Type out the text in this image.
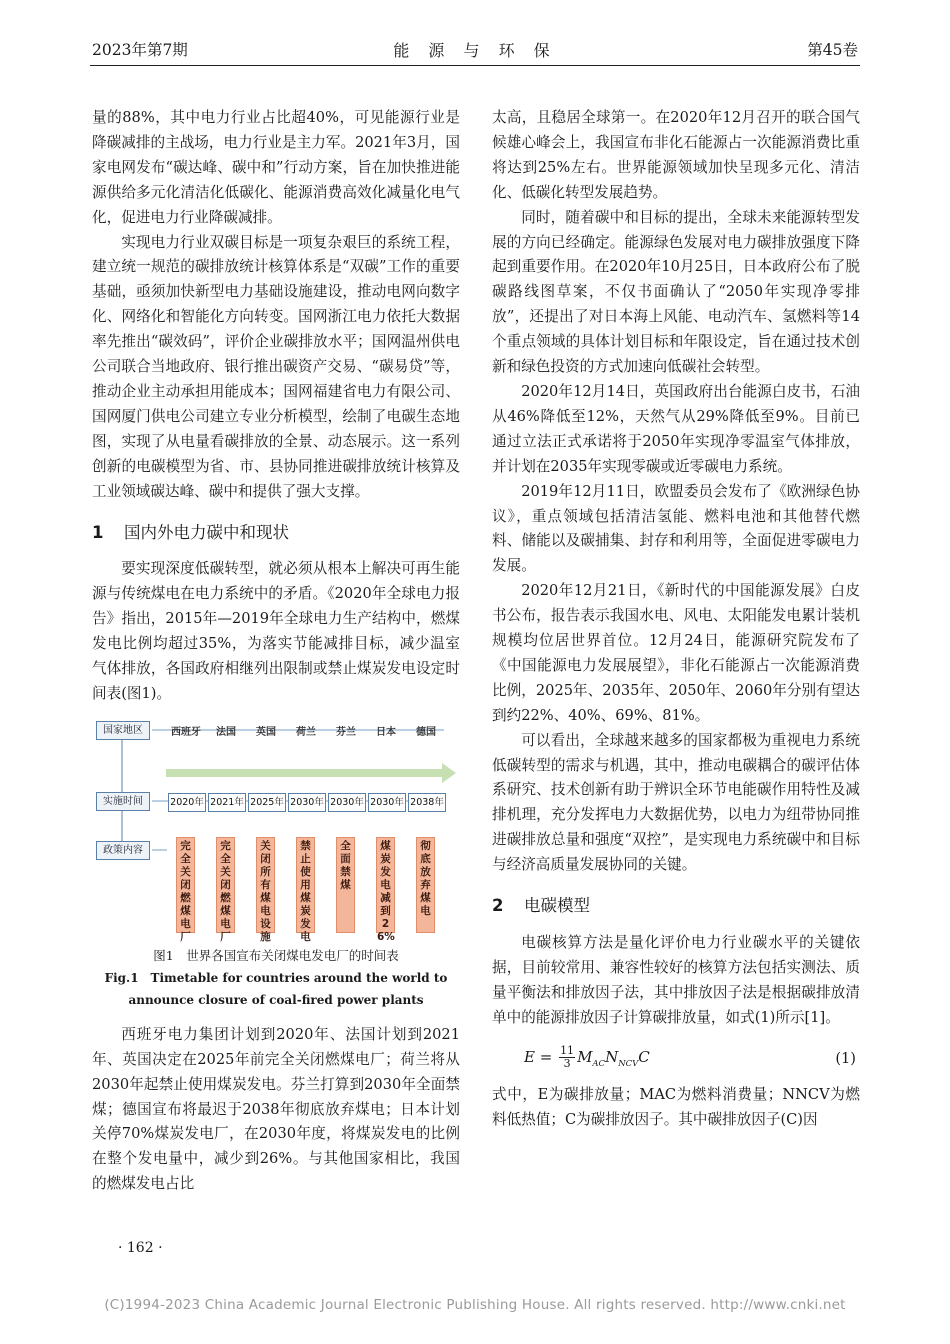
2023年第7期	能 源 与 环 保	第45卷

量的88%，其中电力行业占比超40%，可见能源行业是降碳减排的主战场，电力行业是主力军。2021年3月，国家电网发布“碳达峰、碳中和”行动方案，旨在加快推进能源供给多元化清洁化低碳化、能源消费高效化减量化电气化，促进电力行业降碳减排。

实现电力行业双碳目标是一项复杂艰巨的系统工程，建立统一规范的碳排放统计核算体系是“双碳”工作的重要基础，亟须加快新型电力基础设施建设，推动电网向数字化、网络化和智能化方向转变。国网浙江电力依托大数据率先推出“碳效码”，评价企业碳排放水平；国网温州供电公司联合当地政府、银行推出碳资产交易、“碳易贷”等，推动企业主动承担用能成本；国网福建省电力有限公司、国网厦门供电公司建立专业分析模型，绘制了电碳生态地图，实现了从电量看碳排放的全景、动态展示。这一系列创新的电碳模型为省、市、县协同推进碳排放统计核算及工业领域碳达峰、碳中和提供了强大支撑。

1 国内外电力碳中和现状

要实现深度低碳转型，就必须从根本上解决可再生能源与传统煤电在电力系统中的矛盾。《2020年全球电力报告》指出，2015年—2019年全球电力生产结构中，燃煤发电比例均超过35%，为落实节能减排目标，减少温室气体排放，各国政府相继列出限制或禁止煤炭发电设定时间表(图1)。

国家地区
实施时间
政策内容
西班牙	法国	英国	荷兰	芬兰	日本	德国
2020年 2021年 2025年 2030年 2030年 2030年 2038年
完全关闭燃煤电厂
完全关闭燃煤电厂
关闭所有煤电设施
禁止使用煤炭发电
全面禁煤
煤炭发电减到26%
彻底放弃煤电

图1　世界各国宣布关闭煤电发电厂的时间表

Fig.1　Timetable for countries around the world to

announce closure of coal-fired power plants

西班牙电力集团计划到2020年、法国计划到2021年、英国决定在2025年前完全关闭燃煤电厂；荷兰将从2030年起禁止使用煤炭发电。芬兰打算到2030年全面禁煤；德国宣布将最迟于2038年彻底放弃煤电；日本计划关停70%煤炭发电厂，在2030年度，将煤炭发电的比例在整个发电量中，减少到26%。与其他国家相比，我国的燃煤发电占比

太高，且稳居全球第一。在2020年12月召开的联合国气候雄心峰会上，我国宣布非化石能源占一次能源消费比重将达到25%左右。世界能源领域加快呈现多元化、清洁化、低碳化转型发展趋势。

同时，随着碳中和目标的提出，全球未来能源转型发展的方向已经确定。能源绿色发展对电力碳排放强度下降起到重要作用。在2020年10月25日，日本政府公布了脱碳路线图草案，不仅书面确认了“2050年实现净零排放”，还提出了对日本海上风能、电动汽车、氢燃料等14个重点领域的具体计划目标和年限设定，旨在通过技术创新和绿色投资的方式加速向低碳社会转型。

2020年12月14日，英国政府出台能源白皮书，石油从46%降低至12%，天然气从29%降低至9%。目前已通过立法正式承诺将于2050年实现净零温室气体排放，并计划在2035年实现零碳或近零碳电力系统。

2019年12月11日，欧盟委员会发布了《欧洲绿色协议》，重点领域包括清洁氢能、燃料电池和其他替代燃料、储能以及碳捕集、封存和利用等，全面促进零碳电力发展。

2020年12月21日，《新时代的中国能源发展》白皮书公布，报告表示我国水电、风电、太阳能发电累计装机规模均位居世界首位。12月24日，能源研究院发布了《中国能源电力发展展望》，非化石能源占一次能源消费比例，2025年、2035年、2050年、2060年分别有望达到约22%、40%、69%、81%。

可以看出，全球越来越多的国家都极为重视电力系统低碳转型的需求与机遇，其中，推动电碳耦合的碳评估体系研究、技术创新有助于辨识全环节电能碳作用特性及减排机理，充分发挥电力大数据优势，以电力为纽带协同推进碳排放总量和强度“双控”，是实现电力系统碳中和目标与经济高质量发展协同的关键。

2 电碳模型

电碳核算方法是量化评价电力行业碳水平的关键依据，目前较常用、兼容性较好的核算方法包括实测法、质量平衡法和排放因子法，其中排放因子法是根据碳排放清单中的能源排放因子计算碳排放量，如式(1)所示[1]。

$E = \frac{11}{3} M_{AC}N_{NCV}C$	(1)

式中，E为碳排放量；MAC为燃料消费量；NNCV为燃料低热值；C为碳排放因子。其中碳排放因子(C)因

· 162 ·
(C)1994-2023 China Academic Journal Electronic Publishing House. All rights reserved. http://www.cnki.net
